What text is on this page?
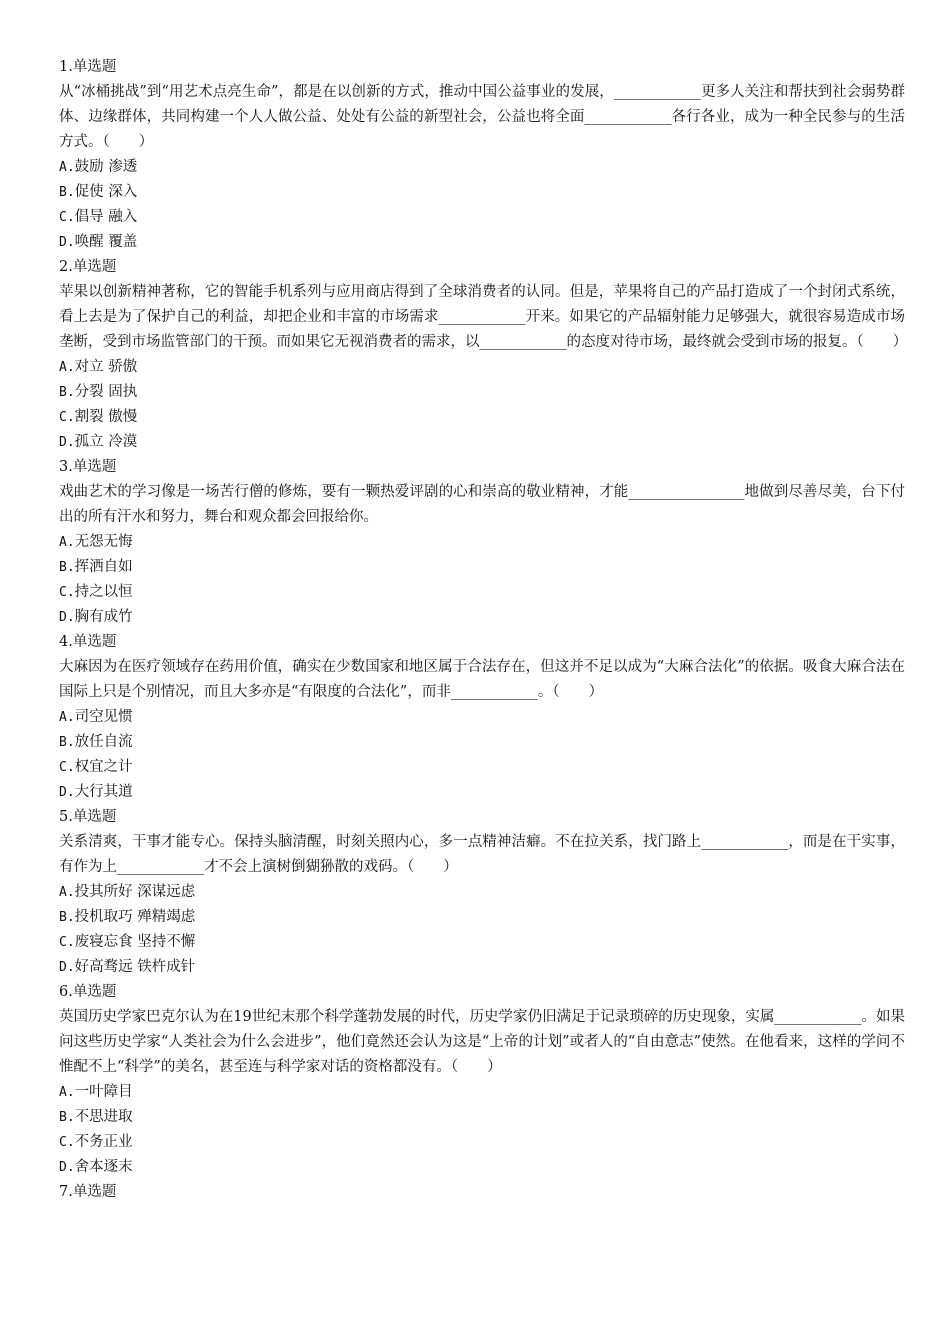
1.单选题
从“冰桶挑战”到“用艺术点亮生命”，都是在以创新的方式，推动中国公益事业的发展，____________更多人关注和帮扶到社会弱势群体、边缘群体，共同构建一个人人做公益、处处有公益的新型社会，公益也将全面____________各行各业，成为一种全民参与的生活方式。（　　）
A.鼓励 渗透
B.促使 深入
C.倡导 融入
D.唤醒 覆盖
2.单选题
苹果以创新精神著称，它的智能手机系列与应用商店得到了全球消费者的认同。但是，苹果将自己的产品打造成了一个封闭式系统，看上去是为了保护自己的利益，却把企业和丰富的市场需求____________开来。如果它的产品辐射能力足够强大，就很容易造成市场垄断，受到市场监管部门的干预。而如果它无视消费者的需求，以____________的态度对待市场，最终就会受到市场的报复。（　　）
A.对立 骄傲
B.分裂 固执
C.割裂 傲慢
D.孤立 冷漠
3.单选题
戏曲艺术的学习像是一场苦行僧的修炼，要有一颗热爱评剧的心和崇高的敬业精神，才能________________地做到尽善尽美，台下付出的所有汗水和努力，舞台和观众都会回报给你。
A.无怨无悔
B.挥洒自如
C.持之以恒
D.胸有成竹
4.单选题
大麻因为在医疗领域存在药用价值，确实在少数国家和地区属于合法存在，但这并不足以成为“大麻合法化”的依据。吸食大麻合法在国际上只是个别情况，而且大多亦是“有限度的合法化”，而非____________。（　　）
A.司空见惯
B.放任自流
C.权宜之计
D.大行其道
5.单选题
关系清爽，干事才能专心。保持头脑清醒，时刻关照内心，多一点精神洁癖。不在拉关系，找门路上____________，而是在干实事，有作为上____________才不会上演树倒猢狲散的戏码。（　　）
A.投其所好 深谋远虑
B.投机取巧 殚精竭虑
C.废寝忘食 坚持不懈
D.好高骛远 铁杵成针
6.单选题
英国历史学家巴克尔认为在19世纪末那个科学蓬勃发展的时代，历史学家仍旧满足于记录琐碎的历史现象，实属____________。如果问这些历史学家“人类社会为什么会进步”，他们竟然还会认为这是“上帝的计划”或者人的“自由意志”使然。在他看来，这样的学问不惟配不上“科学”的美名，甚至连与科学家对话的资格都没有。（　　）
A.一叶障目
B.不思进取
C.不务正业
D.舍本逐末
7.单选题
